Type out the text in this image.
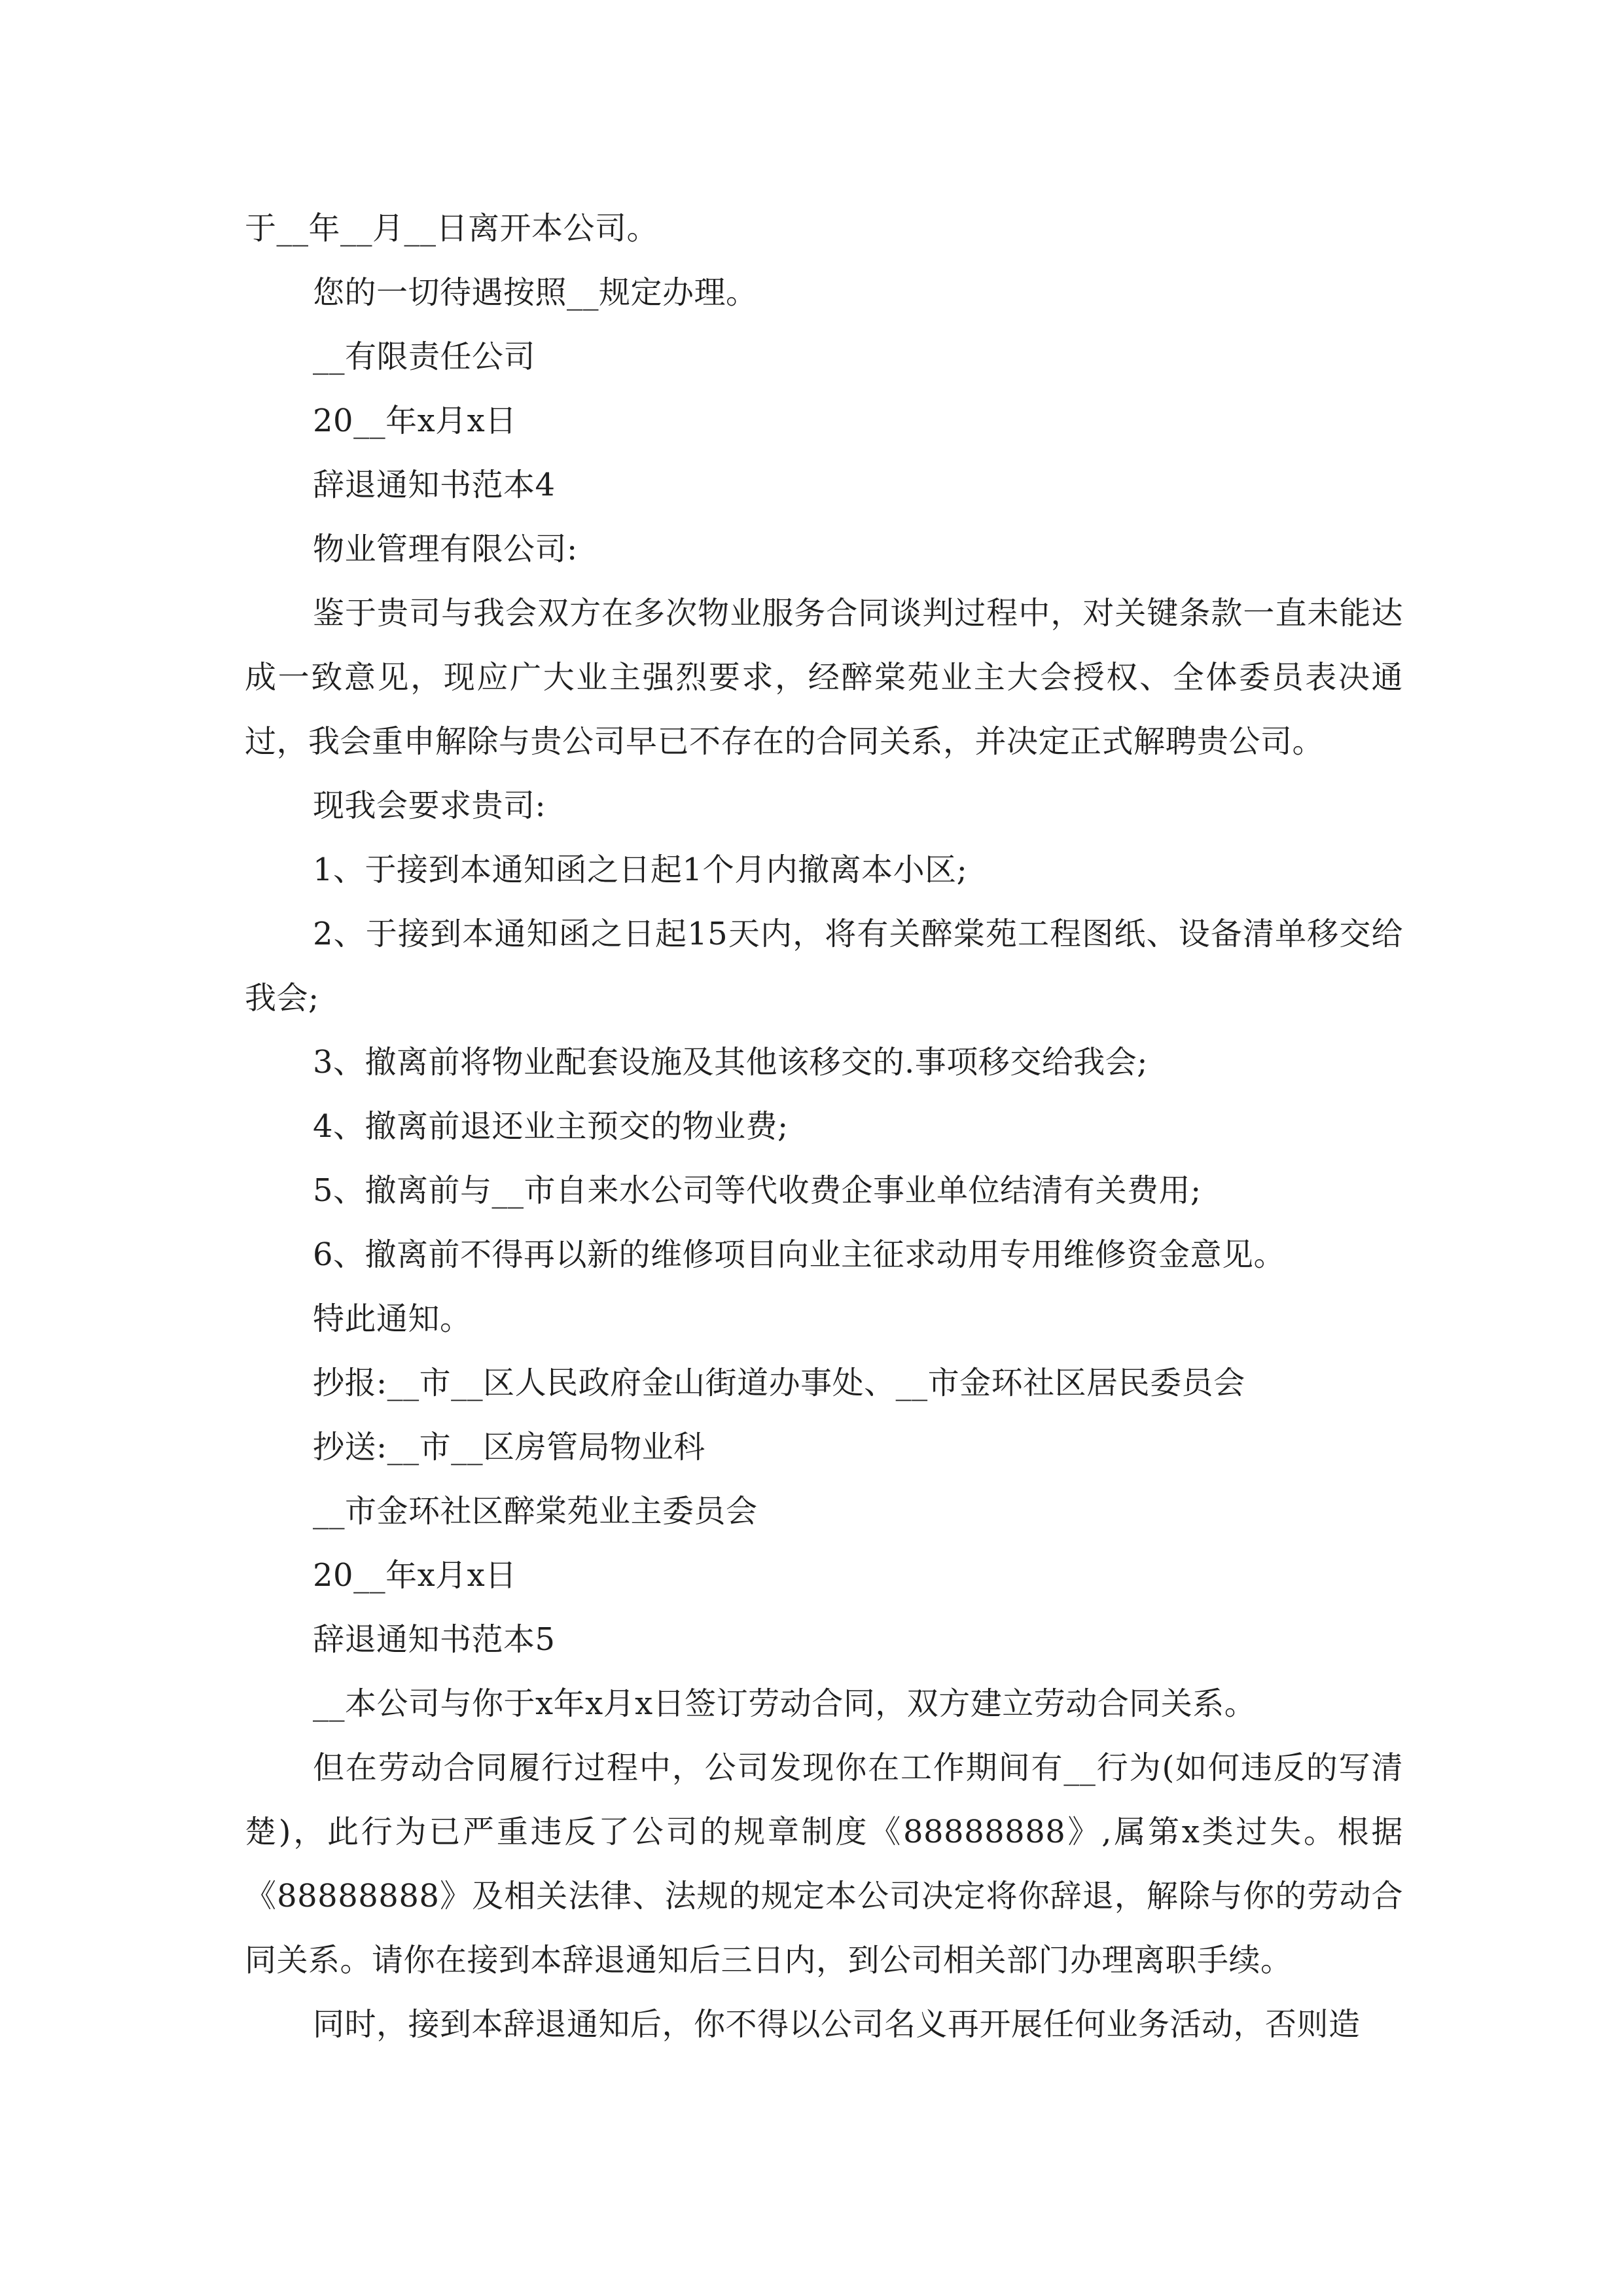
于__年__月__日离开本公司。
您的一切待遇按照__规定办理。
__有限责任公司
20__年x月x日
辞退通知书范本4
物业管理有限公司:
鉴于贵司与我会双方在多次物业服务合同谈判过程中，对关键条款一直未能达成一致意见，现应广大业主强烈要求，经醉棠苑业主大会授权、全体委员表决通过，我会重申解除与贵公司早已不存在的合同关系，并决定正式解聘贵公司。
现我会要求贵司:
1、于接到本通知函之日起1个月内撤离本小区;
2、于接到本通知函之日起15天内，将有关醉棠苑工程图纸、设备清单移交给我会;
3、撤离前将物业配套设施及其他该移交的.事项移交给我会;
4、撤离前退还业主预交的物业费;
5、撤离前与__市自来水公司等代收费企事业单位结清有关费用;
6、撤离前不得再以新的维修项目向业主征求动用专用维修资金意见。
特此通知。
抄报:__市__区人民政府金山街道办事处、__市金环社区居民委员会
抄送:__市__区房管局物业科
__市金环社区醉棠苑业主委员会
20__年x月x日
辞退通知书范本5
__本公司与你于x年x月x日签订劳动合同，双方建立劳动合同关系。
但在劳动合同履行过程中，公司发现你在工作期间有__行为(如何违反的写清楚)，此行为已严重违反了公司的规章制度《88888888》,属第x类过失。根据《88888888》及相关法律、法规的规定本公司决定将你辞退，解除与你的劳动合同关系。请你在接到本辞退通知后三日内，到公司相关部门办理离职手续。
同时，接到本辞退通知后，你不得以公司名义再开展任何业务活动，否则造
